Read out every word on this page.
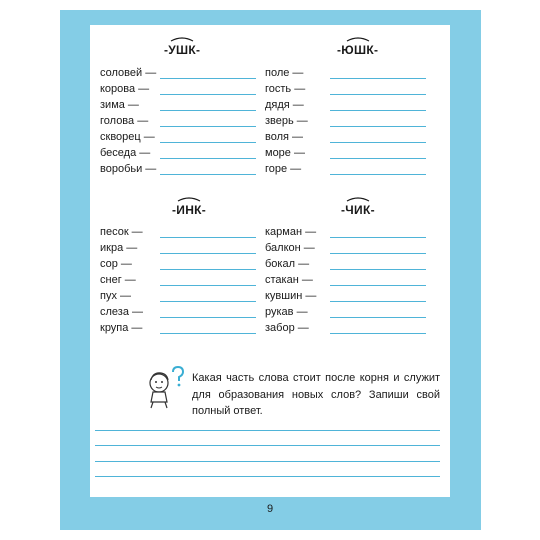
-УШК-	-ЮШК-
соловей —
корова —
зима —
голова —
скворец —
беседа —
воробьи —
поле —
гость —
дядя —
зверь —
воля —
море —
горе —
-ИНК-	-ЧИК-
песок —
икра —
сор —
снег —
пух —
слеза —
крупа —
карман —
балкон —
бокал —
стакан —
кувшин —
рукав —
забор —
Какая часть слова стоит после корня и служит для образования новых слов? Запиши свой полный ответ.
9
